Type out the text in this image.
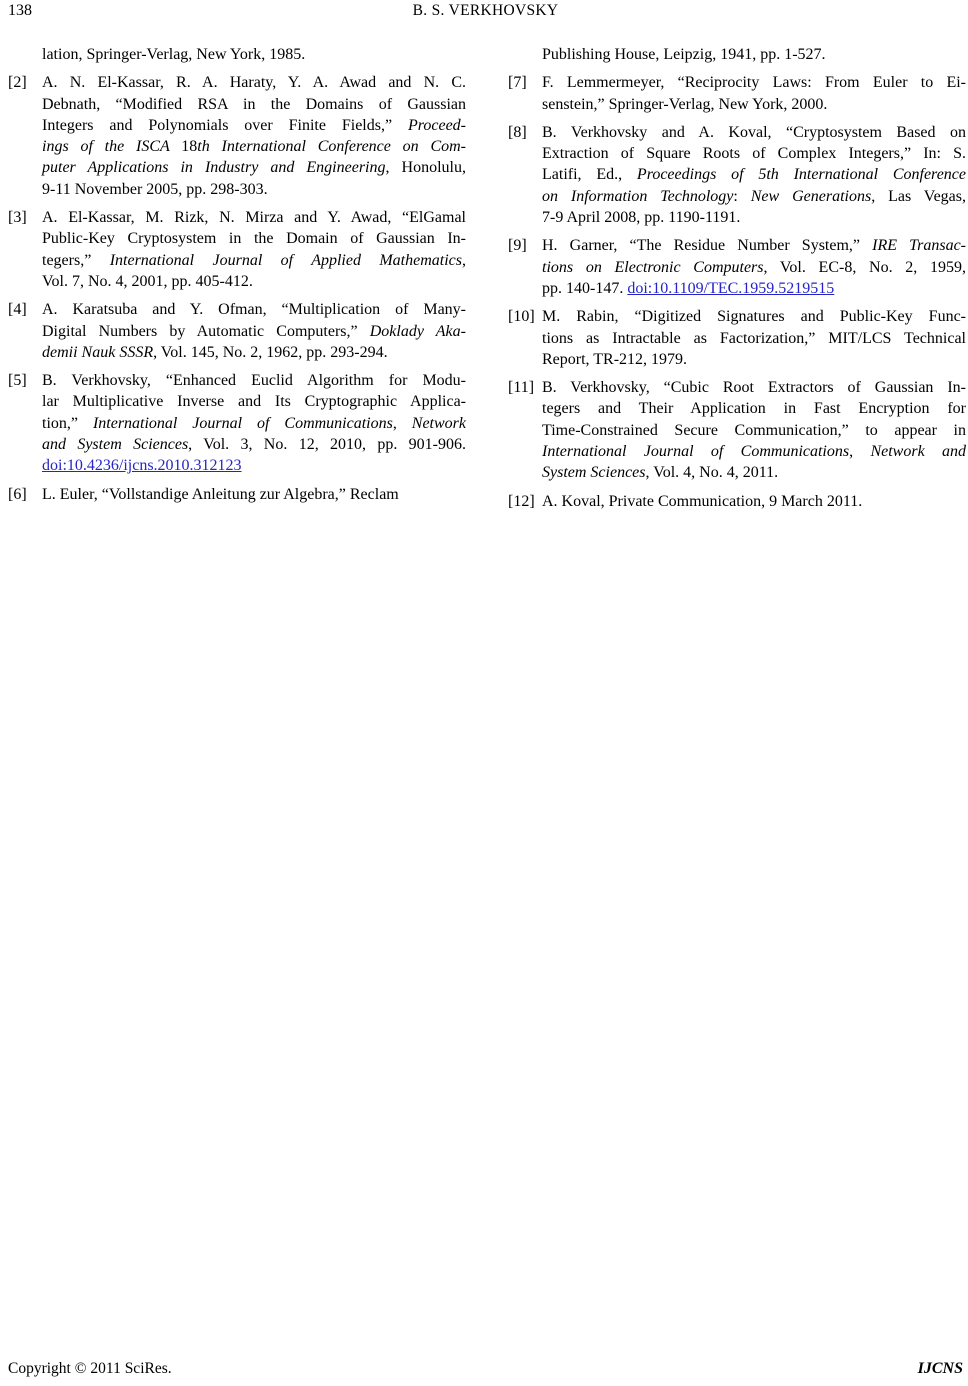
138	B. S. VERKHOVSKY
lation, Springer-Verlag, New York, 1985.
[2] A. N. El-Kassar, R. A. Haraty, Y. A. Awad and N. C.
Debnath, “Modified RSA in the Domains of Gaussian
Integers and Polynomials over Finite Fields,” Proceed-
ings of the ISCA 18th International Conference on Com-
puter Applications in Industry and Engineering, Honolulu,
9-11 November 2005, pp. 298-303.
[3] A. El-Kassar, M. Rizk, N. Mirza and Y. Awad, “ElGamal
Public-Key Cryptosystem in the Domain of Gaussian In-
tegers,” International Journal of Applied Mathematics,
Vol. 7, No. 4, 2001, pp. 405-412.
[4] A. Karatsuba and Y. Ofman, “Multiplication of Many-
Digital Numbers by Automatic Computers,” Doklady Aka-
demii Nauk SSSR, Vol. 145, No. 2, 1962, pp. 293-294.
[5] B. Verkhovsky, “Enhanced Euclid Algorithm for Modu-
lar Multiplicative Inverse and Its Cryptographic Applica-
tion,” International Journal of Communications, Network
and System Sciences, Vol. 3, No. 12, 2010, pp. 901-906.
doi:10.4236/ijcns.2010.312123
[6] L. Euler, “Vollstandige Anleitung zur Algebra,” Reclam
Publishing House, Leipzig, 1941, pp. 1-527.
[7] F. Lemmermeyer, “Reciprocity Laws: From Euler to Ei-
senstein,” Springer-Verlag, New York, 2000.
[8] B. Verkhovsky and A. Koval, “Cryptosystem Based on
Extraction of Square Roots of Complex Integers,” In: S.
Latifi, Ed., Proceedings of 5th International Conference
on Information Technology: New Generations, Las Vegas,
7-9 April 2008, pp. 1190-1191.
[9] H. Garner, “The Residue Number System,” IRE Transac-
tions on Electronic Computers, Vol. EC-8, No. 2, 1959,
pp. 140-147. doi:10.1109/TEC.1959.5219515
[10] M. Rabin, “Digitized Signatures and Public-Key Func-
tions as Intractable as Factorization,” MIT/LCS Technical
Report, TR-212, 1979.
[11] B. Verkhovsky, “Cubic Root Extractors of Gaussian In-
tegers and Their Application in Fast Encryption for
Time-Constrained Secure Communication,” to appear in
International Journal of Communications, Network and
System Sciences, Vol. 4, No. 4, 2011.
[12] A. Koval, Private Communication, 9 March 2011.
Copyright © 2011 SciRes.	IJCNS
